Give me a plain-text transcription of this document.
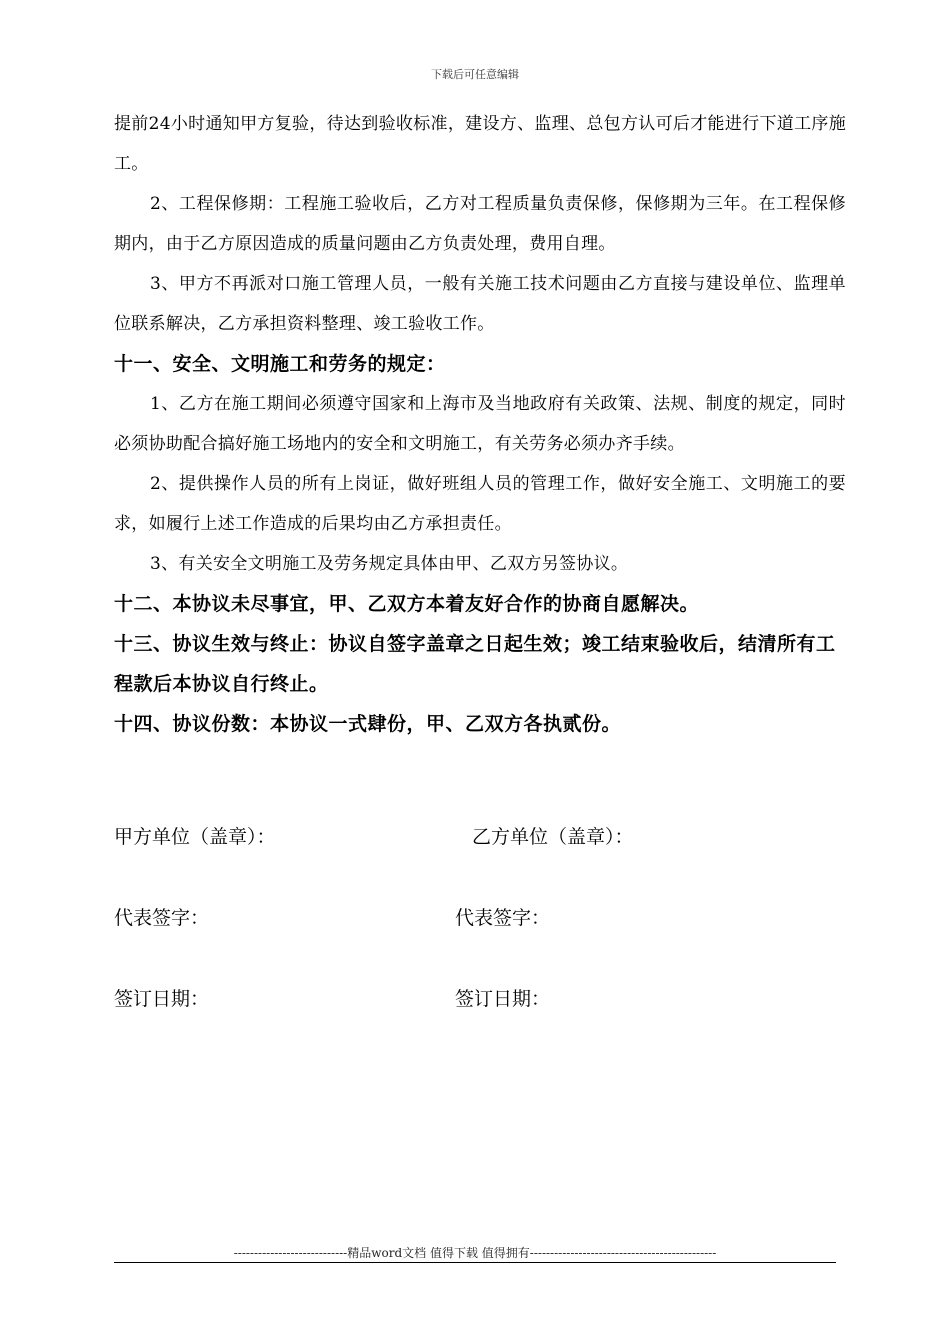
下载后可任意编辑

提前24小时通知甲方复验，待达到验收标准，建设方、监理、总包方认可后才能进行下道工序施工。

2、工程保修期：工程施工验收后，乙方对工程质量负责保修，保修期为三年。在工程保修期内，由于乙方原因造成的质量问题由乙方负责处理，费用自理。

3、甲方不再派对口施工管理人员，一般有关施工技术问题由乙方直接与建设单位、监理单位联系解决，乙方承担资料整理、竣工验收工作。

十一、安全、文明施工和劳务的规定：

1、乙方在施工期间必须遵守国家和上海市及当地政府有关政策、法规、制度的规定，同时必须协助配合搞好施工场地内的安全和文明施工，有关劳务必须办齐手续。

2、提供操作人员的所有上岗证，做好班组人员的管理工作，做好安全施工、文明施工的要求，如履行上述工作造成的后果均由乙方承担责任。

3、有关安全文明施工及劳务规定具体由甲、乙双方另签协议。

十二、本协议未尽事宜，甲、乙双方本着友好合作的协商自愿解决。

十三、协议生效与终止：协议自签字盖章之日起生效；竣工结束验收后，结清所有工程款后本协议自行终止。

十四、协议份数：本协议一式肆份，甲、乙双方各执贰份。

甲方单位（盖章）：	乙方单位（盖章）：
代表签字：	代表签字：
签订日期：	签订日期：
----------------------------精品word文档 值得下载 值得拥有----------------------------------------------
